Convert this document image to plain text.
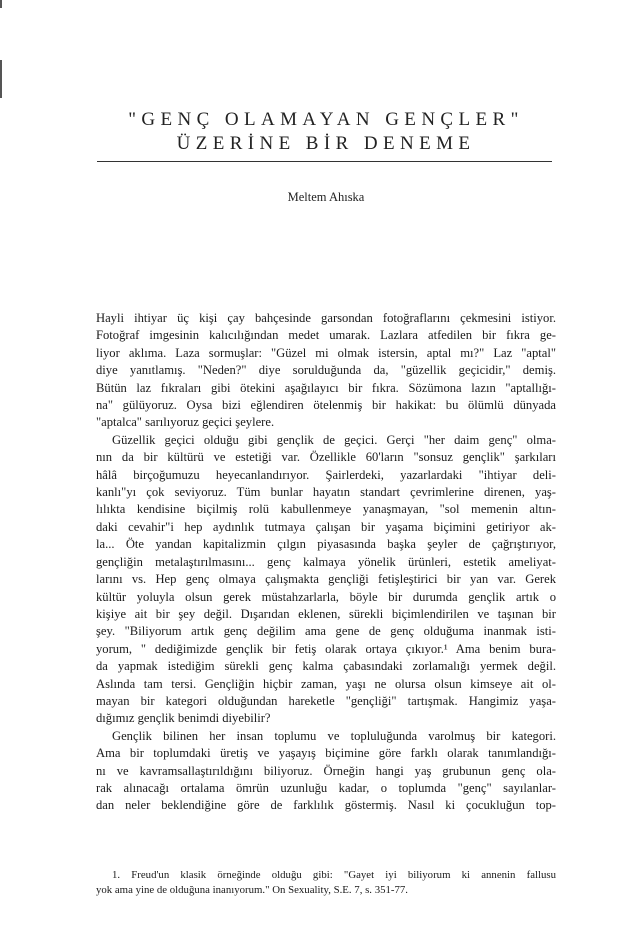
"GENÇ OLAMAYAN GENÇLER"
ÜZERİNE BİR DENEME
Meltem Ahıska
Hayli ihtiyar üç kişi çay bahçesinde garsondan fotoğraflarını çekmesini istiyor.
Fotoğraf imgesinin kalıcılığından medet umarak. Lazlara atfedilen bir fıkra ge-
liyor aklıma. Laza sormuşlar: "Güzel mi olmak istersin, aptal mı?" Laz "aptal"
diye yanıtlamış. "Neden?" diye sorulduğunda da, "güzellik geçicidir," demiş.
Bütün laz fıkraları gibi ötekini aşağılayıcı bir fıkra. Sözümona lazın "aptallığı-
na" gülüyoruz. Oysa bizi eğlendiren ötelenmiş bir hakikat: bu ölümlü dünyada
"aptalca" sarılıyoruz geçici şeylere.
Güzellik geçici olduğu gibi gençlik de geçici. Gerçi "her daim genç" olma-
nın da bir kültürü ve estetiği var. Özellikle 60'ların "sonsuz gençlik" şarkıları
hâlâ birçoğumuzu heyecanlandırıyor. Şairlerdeki, yazarlardaki "ihtiyar deli-
kanlı"yı çok seviyoruz. Tüm bunlar hayatın standart çevrimlerine direnen, yaş-
lılıkta kendisine biçilmiş rolü kabullenmeye yanaşmayan, "sol memenin altın-
daki cevahir"i hep aydınlık tutmaya çalışan bir yaşama biçimini getiriyor ak-
la... Öte yandan kapitalizmin çılgın piyasasında başka şeyler de çağrıştırıyor,
gençliğin metalaştırılmasını... genç kalmaya yönelik ürünleri, estetik ameliyat-
larını vs. Hep genç olmaya çalışmakta gençliği fetişleştirici bir yan var. Gerek
kültür yoluyla olsun gerek müstahzarlarla, böyle bir durumda gençlik artık o
kişiye ait bir şey değil. Dışarıdan eklenen, sürekli biçimlendirilen ve taşınan bir
şey. "Biliyorum artık genç değilim ama gene de genç olduğuma inanmak isti-
yorum, " dediğimizde gençlik bir fetiş olarak ortaya çıkıyor.¹ Ama benim bura-
da yapmak istediğim sürekli genç kalma çabasındaki zorlamalığı yermek değil.
Aslında tam tersi. Gençliğin hiçbir zaman, yaşı ne olursa olsun kimseye ait ol-
mayan bir kategori olduğundan hareketle "gençliği" tartışmak. Hangimiz yaşa-
dığımız gençlik benimdi diyebilir?
Gençlik bilinen her insan toplumu ve topluluğunda varolmuş bir kategori.
Ama bir toplumdaki üretiş ve yaşayış biçimine göre farklı olarak tanımlandığı-
nı ve kavramsallaştırıldığını biliyoruz. Örneğin hangi yaş grubunun genç ola-
rak alınacağı ortalama ömrün uzunluğu kadar, o toplumda "genç" sayılanlar-
dan neler beklendiğine göre de farklılık göstermiş. Nasıl ki çocukluğun top-
1. Freud'un klasik örneğinde olduğu gibi: "Gayet iyi biliyorum ki annenin fallusu
yok ama yine de olduğuna inanıyorum." On Sexuality, S.E. 7, s. 351-77.
